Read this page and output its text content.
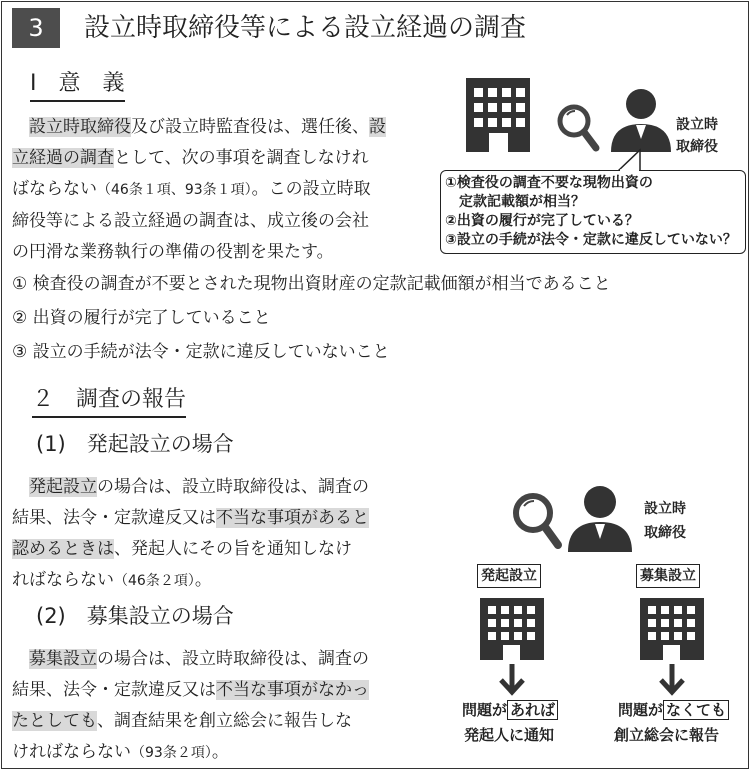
3	設立時取締役等による設立経過の調査
Ⅰ　意　義
　設立時取締役及び設立時監査役は、選任後、設
立経過の調査として、次の事項を調査しなけれ
ばならない（46条１項、93条１項）。この設立時取
締役等による設立経過の調査は、成立後の会社
の円滑な業務執行の準備の役割を果たす。
① 検査役の調査が不要とされた現物出資財産の定款記載価額が相当であること
② 出資の履行が完了していること
③ 設立の手続が法令・定款に違反していないこと
設立時
取締役
①検査役の調査不要な現物出資の
　定款記載額が相当？
②出資の履行が完了している？
③設立の手続が法令・定款に違反していない？
２　調査の報告
(1)　発起設立の場合
　発起設立の場合は、設立時取締役は、調査の
結果、法令・定款違反又は不当な事項があると
認めるときは、発起人にその旨を通知しなけ
ればならない（46条２項）。
(2)　募集設立の場合
　募集設立の場合は、設立時取締役は、調査の
結果、法令・定款違反又は不当な事項がなかっ
たとしても、調査結果を創立総会に報告しな
ければならない（93条２項）。
設立時
取締役
発起設立	募集設立
問題が あれば
発起人に通知
問題が なくても
創立総会に報告
